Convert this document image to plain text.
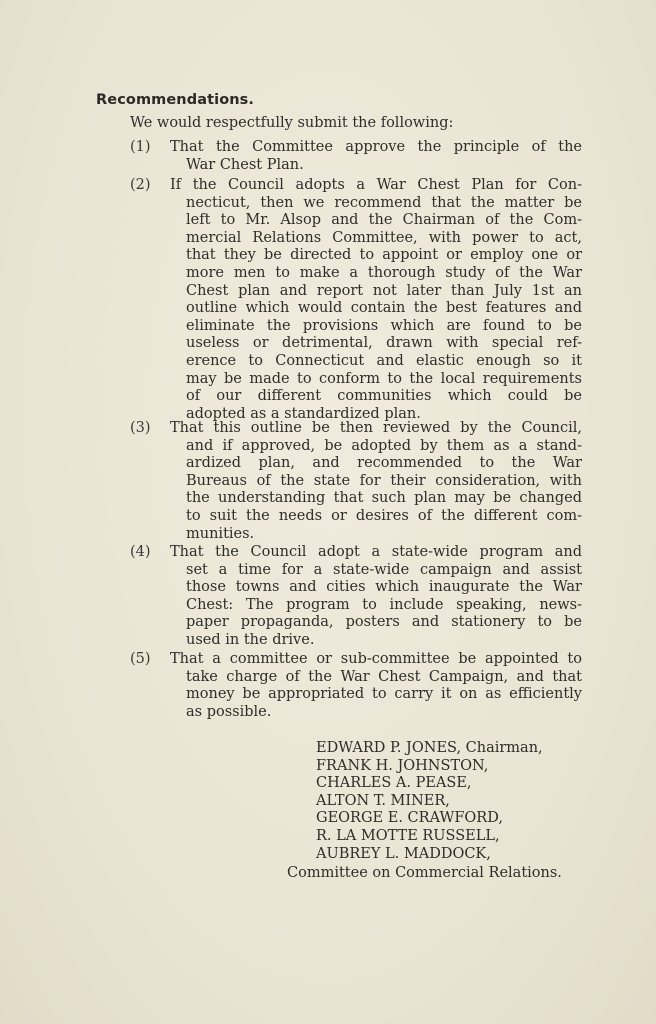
Recommendations.
We would respectfully submit the following:
(1) That the Committee approve the principle of the
War Chest Plan.
(2) If the Council adopts a War Chest Plan for Con-
necticut, then we recommend that the matter be
left to Mr. Alsop and the Chairman of the Com-
mercial Relations Committee, with power to act,
that they be directed to appoint or employ one or
more men to make a thorough study of the War
Chest plan and report not later than July 1st an
outline which would contain the best features and
eliminate the provisions which are found to be
useless or detrimental, drawn with special ref-
erence to Connecticut and elastic enough so it
may be made to conform to the local requirements
of our different communities which could be
adopted as a standardized plan.
(3) That this outline be then reviewed by the Council,
and if approved, be adopted by them as a stand-
ardized plan, and recommended to the War
Bureaus of the state for their consideration, with
the understanding that such plan may be changed
to suit the needs or desires of the different com-
munities.
(4) That the Council adopt a state-wide program and
set a time for a state-wide campaign and assist
those towns and cities which inaugurate the War
Chest: The program to include speaking, news-
paper propaganda, posters and stationery to be
used in the drive.
(5) That a committee or sub-committee be appointed to
take charge of the War Chest Campaign, and that
money be appropriated to carry it on as efficiently
as possible.
EDWARD P. JONES, Chairman,
FRANK H. JOHNSTON,
CHARLES A. PEASE,
ALTON T. MINER,
GEORGE E. CRAWFORD,
R. LA MOTTE RUSSELL,
AUBREY L. MADDOCK,
Committee on Commercial Relations.
